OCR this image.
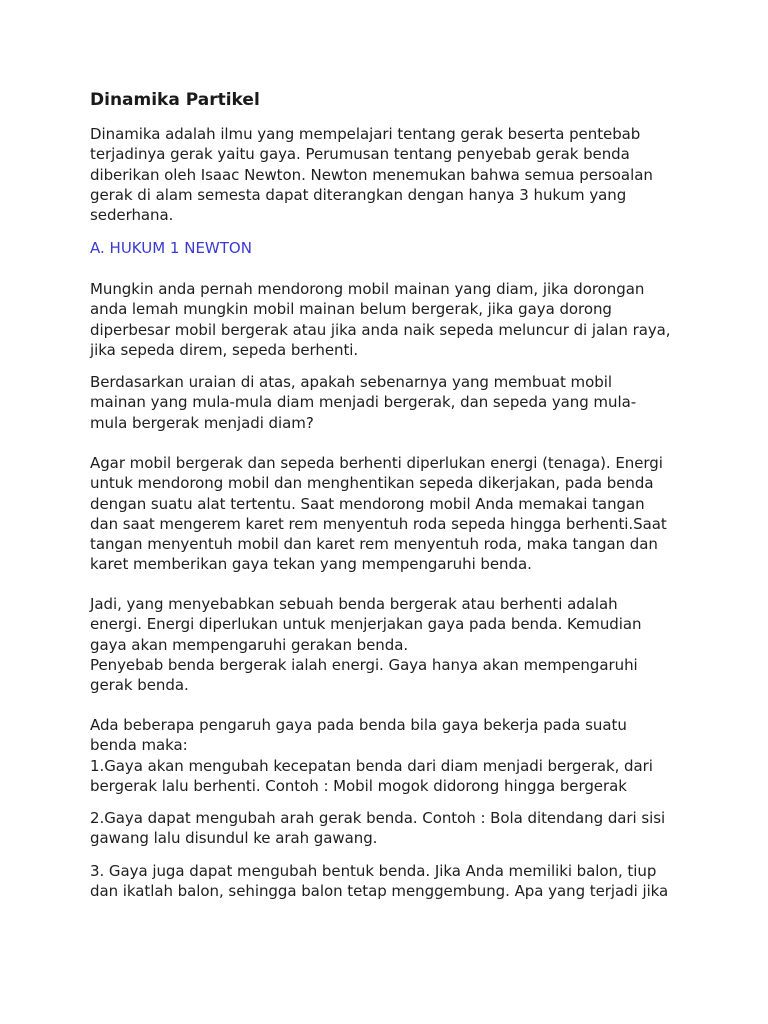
Dinamika Partikel
Dinamika adalah ilmu yang mempelajari tentang gerak beserta pentebab
terjadinya gerak yaitu gaya. Perumusan tentang penyebab gerak benda
diberikan oleh Isaac Newton. Newton menemukan bahwa semua persoalan
gerak di alam semesta dapat diterangkan dengan hanya 3 hukum yang
sederhana.
A. HUKUM 1 NEWTON
Mungkin anda pernah mendorong mobil mainan yang diam, jika dorongan
anda lemah mungkin mobil mainan belum bergerak, jika gaya dorong
diperbesar mobil bergerak atau jika anda naik sepeda meluncur di jalan raya,
jika sepeda direm, sepeda berhenti.
Berdasarkan uraian di atas, apakah sebenarnya yang membuat mobil
mainan yang mula-mula diam menjadi bergerak, dan sepeda yang mula-
mula bergerak menjadi diam?
Agar mobil bergerak dan sepeda berhenti diperlukan energi (tenaga). Energi
untuk mendorong mobil dan menghentikan sepeda dikerjakan, pada benda
dengan suatu alat tertentu. Saat mendorong mobil Anda memakai tangan
dan saat mengerem karet rem menyentuh roda sepeda hingga berhenti.Saat
tangan menyentuh mobil dan karet rem menyentuh roda, maka tangan dan
karet memberikan gaya tekan yang mempengaruhi benda.
Jadi, yang menyebabkan sebuah benda bergerak atau berhenti adalah
energi. Energi diperlukan untuk menjerjakan gaya pada benda. Kemudian
gaya akan mempengaruhi gerakan benda.
Penyebab benda bergerak ialah energi. Gaya hanya akan mempengaruhi
gerak benda.
Ada beberapa pengaruh gaya pada benda bila gaya bekerja pada suatu
benda maka:
1.Gaya akan mengubah kecepatan benda dari diam menjadi bergerak, dari
bergerak lalu berhenti. Contoh : Mobil mogok didorong hingga bergerak
2.Gaya dapat mengubah arah gerak benda. Contoh : Bola ditendang dari sisi
gawang lalu disundul ke arah gawang.
3. Gaya juga dapat mengubah bentuk benda. Jika Anda memiliki balon, tiup
dan ikatlah balon, sehingga balon tetap menggembung. Apa yang terjadi jika
